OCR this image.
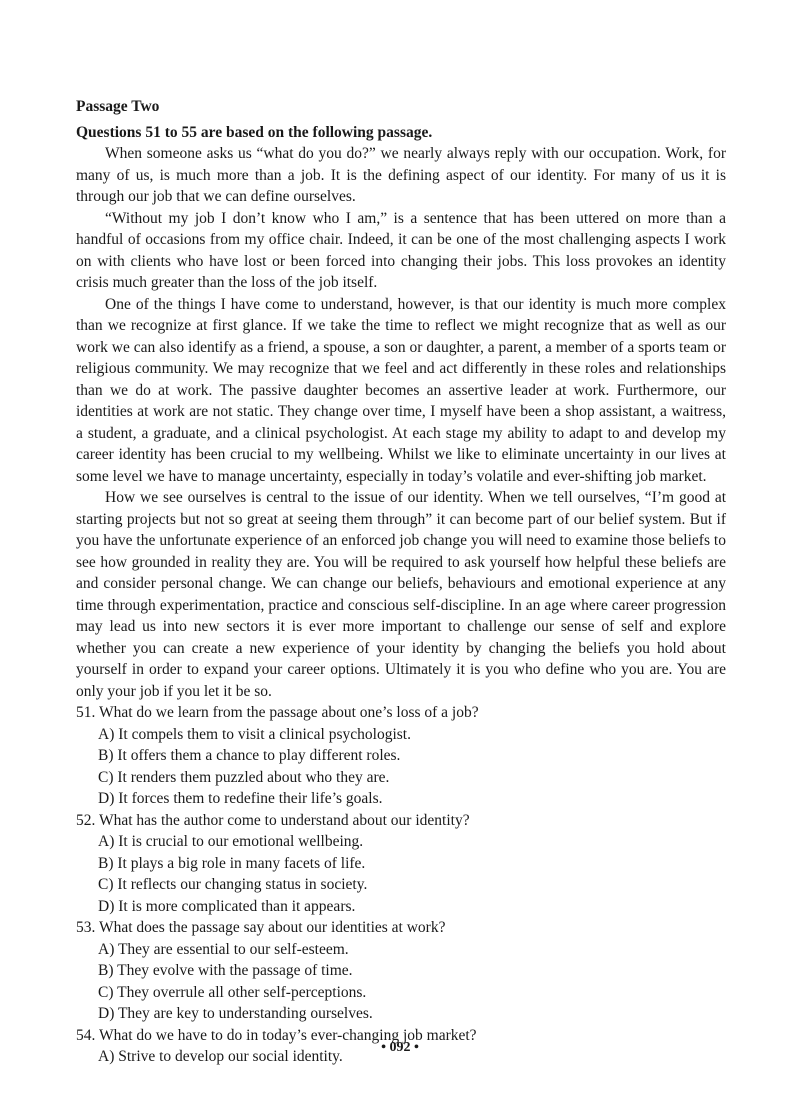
Passage Two
Questions 51 to 55 are based on the following passage.

When someone asks us “what do you do?” we nearly always reply with our occupation. Work, for many of us, is much more than a job. It is the defining aspect of our identity. For many of us it is through our job that we can define ourselves.

“Without my job I don’t know who I am,” is a sentence that has been uttered on more than a handful of occasions from my office chair. Indeed, it can be one of the most challenging aspects I work on with clients who have lost or been forced into changing their jobs. This loss provokes an identity crisis much greater than the loss of the job itself.

One of the things I have come to understand, however, is that our identity is much more complex than we recognize at first glance. If we take the time to reflect we might recognize that as well as our work we can also identify as a friend, a spouse, a son or daughter, a parent, a member of a sports team or religious community. We may recognize that we feel and act differently in these roles and relationships than we do at work. The passive daughter becomes an assertive leader at work. Furthermore, our identities at work are not static. They change over time, I myself have been a shop assistant, a waitress, a student, a graduate, and a clinical psychologist. At each stage my ability to adapt to and develop my career identity has been crucial to my wellbeing. Whilst we like to eliminate uncertainty in our lives at some level we have to manage uncertainty, especially in today’s volatile and ever-shifting job market.

How we see ourselves is central to the issue of our identity. When we tell ourselves, “I’m good at starting projects but not so great at seeing them through” it can become part of our belief system. But if you have the unfortunate experience of an enforced job change you will need to examine those beliefs to see how grounded in reality they are. You will be required to ask yourself how helpful these beliefs are and consider personal change. We can change our beliefs, behaviours and emotional experience at any time through experimentation, practice and conscious self-discipline. In an age where career progression may lead us into new sectors it is ever more important to challenge our sense of self and explore whether you can create a new experience of your identity by changing the beliefs you hold about yourself in order to expand your career options. Ultimately it is you who define who you are. You are only your job if you let it be so.

51. What do we learn from the passage about one’s loss of a job?
A) It compels them to visit a clinical psychologist.
B) It offers them a chance to play different roles.
C) It renders them puzzled about who they are.
D) It forces them to redefine their life’s goals.
52. What has the author come to understand about our identity?
A) It is crucial to our emotional wellbeing.
B) It plays a big role in many facets of life.
C) It reflects our changing status in society.
D) It is more complicated than it appears.
53. What does the passage say about our identities at work?
A) They are essential to our self-esteem.
B) They evolve with the passage of time.
C) They overrule all other self-perceptions.
D) They are key to understanding ourselves.
54. What do we have to do in today’s ever-changing job market?
A) Strive to develop our social identity.
• 092 •
